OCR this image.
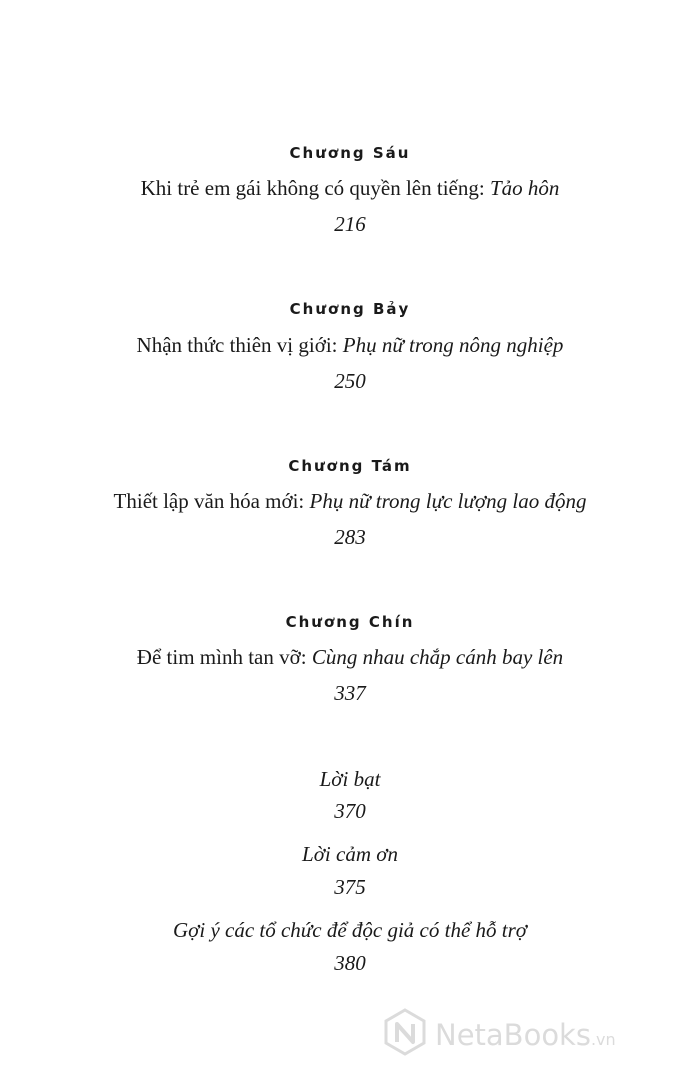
Chương Sáu
Khi trẻ em gái không có quyền lên tiếng: Tảo hôn
216
Chương Bảy
Nhận thức thiên vị giới: Phụ nữ trong nông nghiệp
250
Chương Tám
Thiết lập văn hóa mới: Phụ nữ trong lực lượng lao động
283
Chương Chín
Để tim mình tan vỡ: Cùng nhau chắp cánh bay lên
337
Lời bạt
370
Lời cảm ơn
375
Gợi ý các tổ chức để độc giả có thể hỗ trợ
380
NetaBooks.vn
